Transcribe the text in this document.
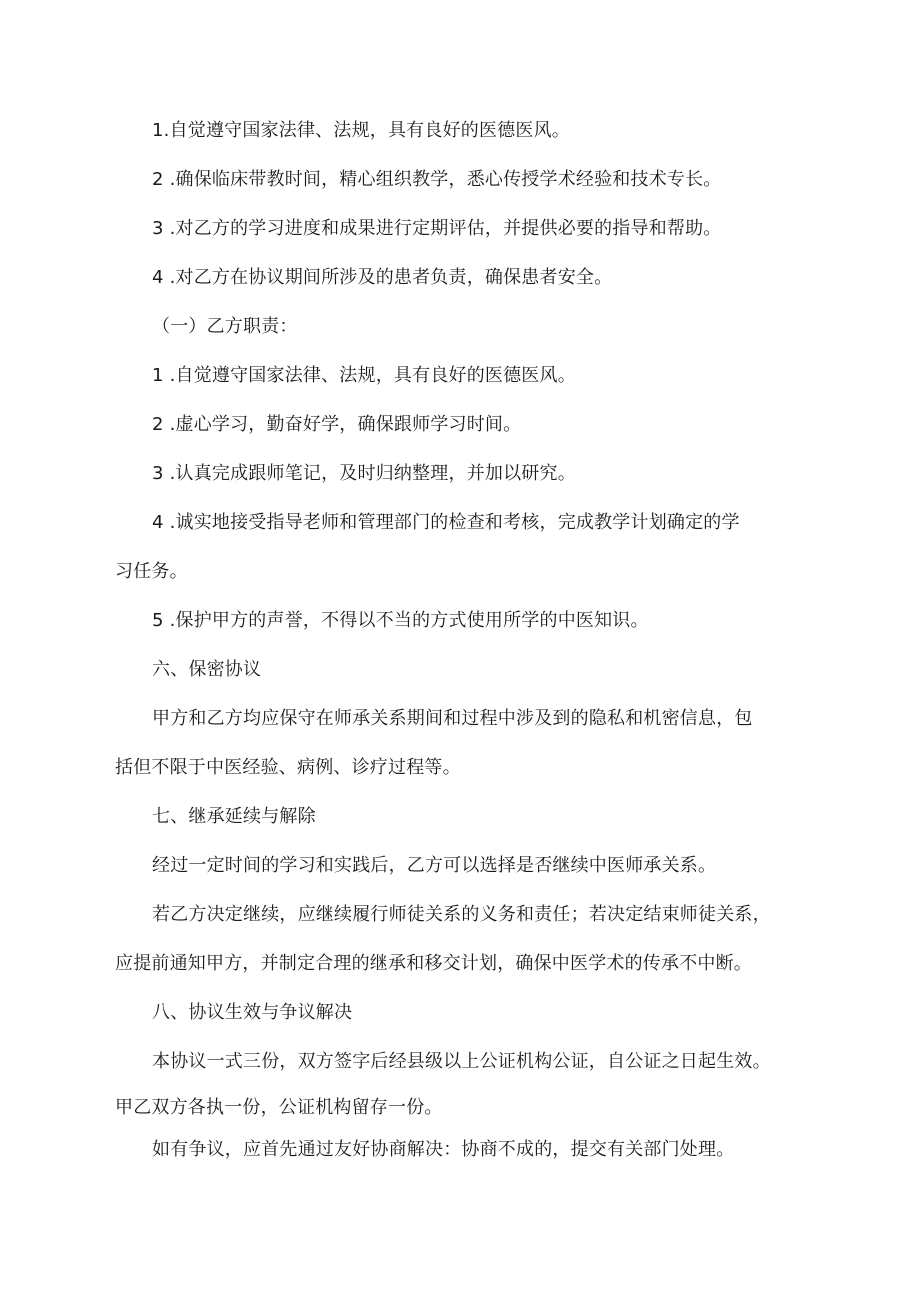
1.自觉遵守国家法律、法规，具有良好的医德医风。
2 .确保临床带教时间，精心组织教学，悉心传授学术经验和技术专长。
3 .对乙方的学习进度和成果进行定期评估，并提供必要的指导和帮助。
4 .对乙方在协议期间所涉及的患者负责，确保患者安全。
（一）乙方职责：
1 .自觉遵守国家法律、法规，具有良好的医德医风。
2 .虚心学习，勤奋好学，确保跟师学习时间。
3 .认真完成跟师笔记，及时归纳整理，并加以研究。
4 .诚实地接受指导老师和管理部门的检查和考核，完成教学计划确定的学
习任务。
5 .保护甲方的声誉，不得以不当的方式使用所学的中医知识。
六、保密协议
甲方和乙方均应保守在师承关系期间和过程中涉及到的隐私和机密信息，包
括但不限于中医经验、病例、诊疗过程等。
七、继承延续与解除
经过一定时间的学习和实践后，乙方可以选择是否继续中医师承关系。
若乙方决定继续，应继续履行师徒关系的义务和责任；若决定结束师徒关系，
应提前通知甲方，并制定合理的继承和移交计划，确保中医学术的传承不中断。
八、协议生效与争议解决
本协议一式三份，双方签字后经县级以上公证机构公证，自公证之日起生效。
甲乙双方各执一份，公证机构留存一份。
如有争议，应首先通过友好协商解决：协商不成的，提交有关部门处理。
